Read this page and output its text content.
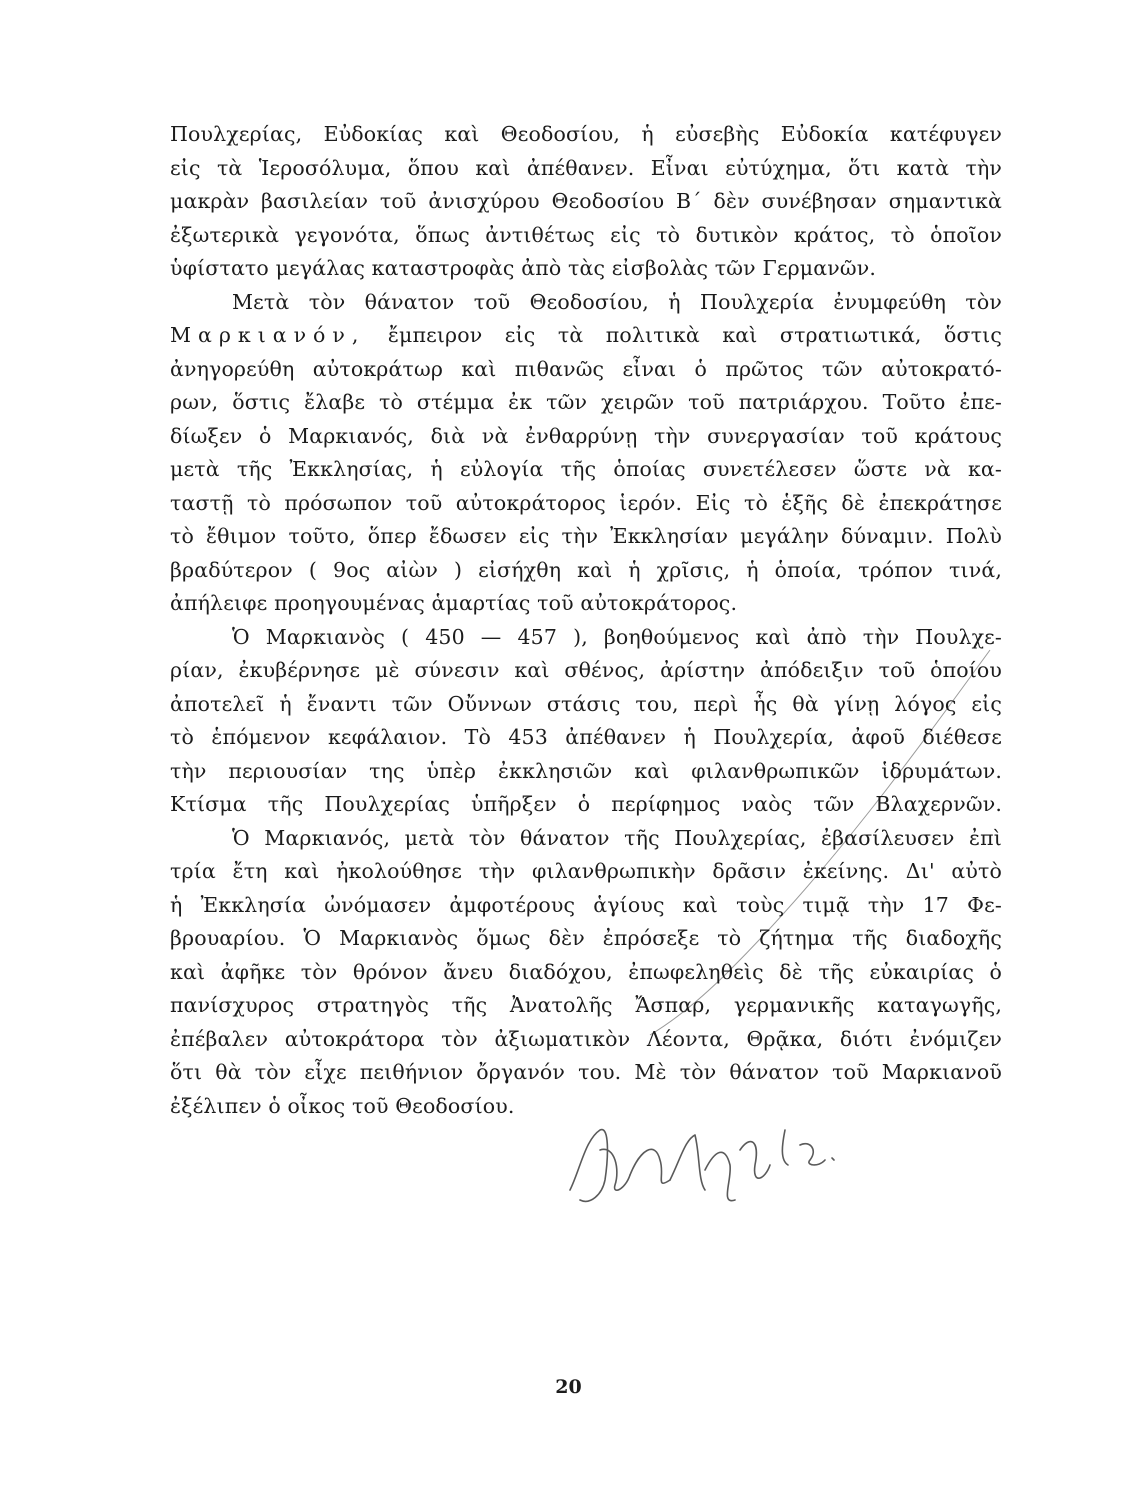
Πουλχερίας, Εὐδοκίας καὶ Θεοδοσίου, ἡ εὐσεβὴς Εὐδοκία κατέφυγεν
εἰς τὰ Ἱεροσόλυμα, ὅπου καὶ ἀπέθανεν. Εἶναι εὐτύχημα, ὅτι κατὰ τὴν
μακρὰν βασιλείαν τοῦ ἀνισχύρου Θεοδοσίου Β΄ δὲν συνέβησαν σημαντικὰ
ἐξωτερικὰ γεγονότα, ὅπως ἀντιθέτως εἰς τὸ δυτικὸν κράτος, τὸ ὁποῖον
ὑφίστατο μεγάλας καταστροφὰς ἀπὸ τὰς εἰσβολὰς τῶν Γερμανῶν.
Μετὰ τὸν θάνατον τοῦ Θεοδοσίου, ἡ Πουλχερία ἐνυμφεύθη τὸν
Μαρκιανόν, ἔμπειρον εἰς τὰ πολιτικὰ καὶ στρατιωτικά, ὅστις
ἀνηγορεύθη αὐτοκράτωρ καὶ πιθανῶς εἶναι ὁ πρῶτος τῶν αὐτοκρατό-
ρων, ὅστις ἔλαβε τὸ στέμμα ἐκ τῶν χειρῶν τοῦ πατριάρχου. Τοῦτο ἐπε-
δίωξεν ὁ Μαρκιανός, διὰ νὰ ἐνθαρρύνῃ τὴν συνεργασίαν τοῦ κράτους
μετὰ τῆς Ἐκκλησίας, ἡ εὐλογία τῆς ὁποίας συνετέλεσεν ὥστε νὰ κα-
ταστῇ τὸ πρόσωπον τοῦ αὐτοκράτορος ἱερόν. Εἰς τὸ ἑξῆς δὲ ἐπεκράτησε
τὸ ἔθιμον τοῦτο, ὅπερ ἔδωσεν εἰς τὴν Ἐκκλησίαν μεγάλην δύναμιν. Πολὺ
βραδύτερον ( 9ος αἰὼν ) εἰσήχθη καὶ ἡ χρῖσις, ἡ ὁποία, τρόπον τινά,
ἀπήλειφε προηγουμένας ἁμαρτίας τοῦ αὐτοκράτορος.
Ὁ Μαρκιανὸς ( 450 — 457 ), βοηθούμενος καὶ ἀπὸ τὴν Πουλχε-
ρίαν, ἐκυβέρνησε μὲ σύνεσιν καὶ σθένος, ἀρίστην ἀπόδειξιν τοῦ ὁποίου
ἀποτελεῖ ἡ ἔναντι τῶν Οὔννων στάσις του, περὶ ἧς θὰ γίνῃ λόγος εἰς
τὸ ἑπόμενον κεφάλαιον. Τὸ 453 ἀπέθανεν ἡ Πουλχερία, ἀφοῦ διέθεσε
τὴν περιουσίαν της ὑπὲρ ἐκκλησιῶν καὶ φιλανθρωπικῶν ἱδρυμάτων.
Κτίσμα τῆς Πουλχερίας ὑπῆρξεν ὁ περίφημος ναὸς τῶν Βλαχερνῶν.
Ὁ Μαρκιανός, μετὰ τὸν θάνατον τῆς Πουλχερίας, ἐβασίλευσεν ἐπὶ
τρία ἔτη καὶ ἠκολούθησε τὴν φιλανθρωπικὴν δρᾶσιν ἐκείνης. Δι' αὐτὸ
ἡ Ἐκκλησία ὠνόμασεν ἀμφοτέρους ἁγίους καὶ τοὺς τιμᾷ τὴν 17 Φε-
βρουαρίου. Ὁ Μαρκιανὸς ὅμως δὲν ἐπρόσεξε τὸ ζήτημα τῆς διαδοχῆς
καὶ ἀφῆκε τὸν θρόνον ἄνευ διαδόχου, ἐπωφεληθεὶς δὲ τῆς εὐκαιρίας ὁ
πανίσχυρος στρατηγὸς τῆς Ἀνατολῆς Ἄσπαρ, γερμανικῆς καταγωγῆς,
ἐπέβαλεν αὐτοκράτορα τὸν ἀξιωματικὸν Λέοντα, Θρᾷκα, διότι ἐνόμιζεν
ὅτι θὰ τὸν εἶχε πειθήνιον ὄργανόν του. Μὲ τὸν θάνατον τοῦ Μαρκιανοῦ
ἐξέλιπεν ὁ οἶκος τοῦ Θεοδοσίου.
20
